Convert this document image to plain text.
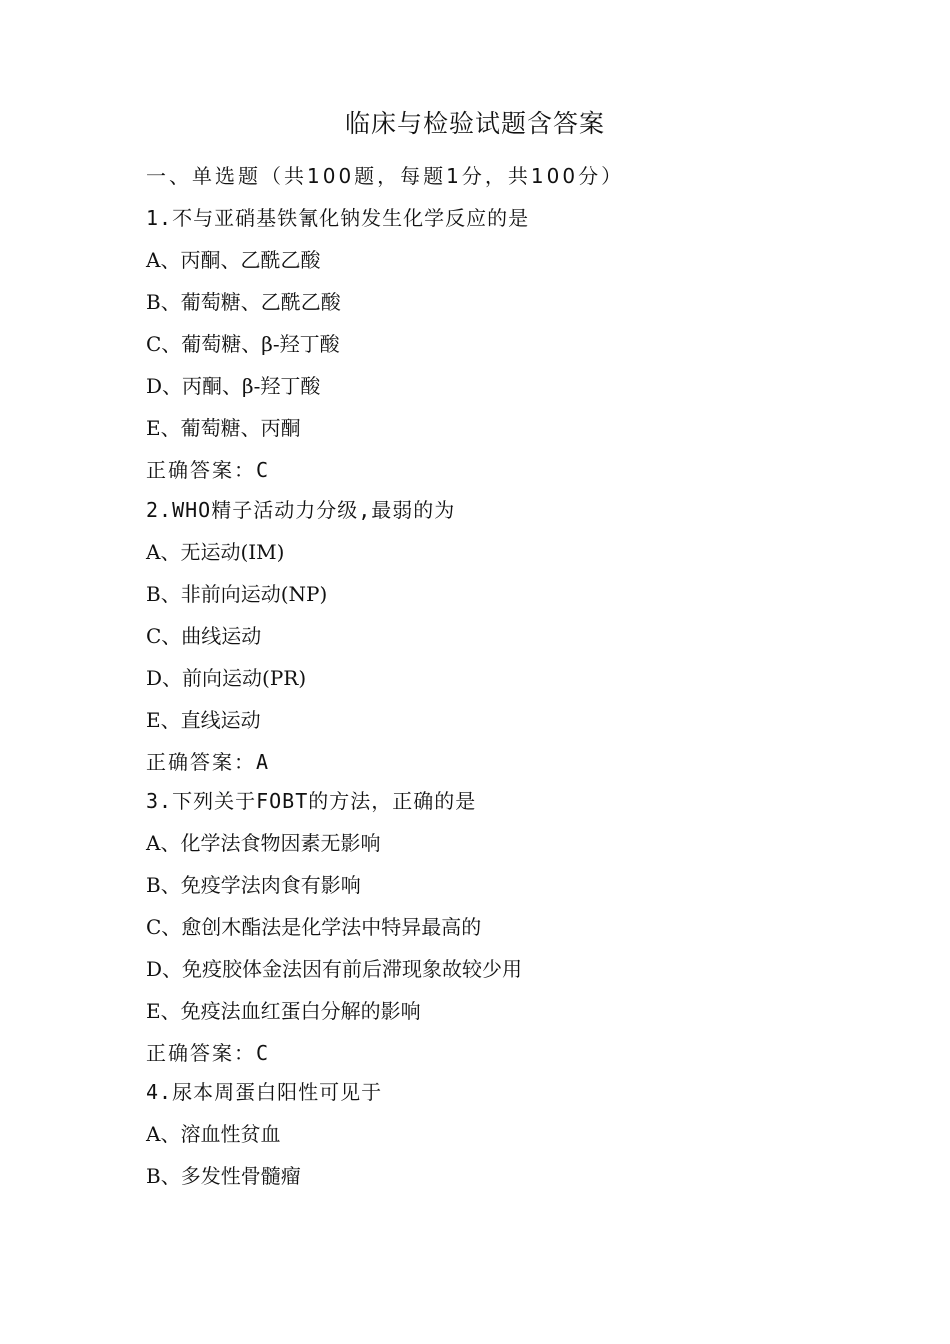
临床与检验试题含答案
一、单选题（共100题，每题1分，共100分）
1.不与亚硝基铁氰化钠发生化学反应的是
A、丙酮、乙酰乙酸
B、葡萄糖、乙酰乙酸
C、葡萄糖、β-羟丁酸
D、丙酮、β-羟丁酸
E、葡萄糖、丙酮
正确答案：C
2.WHO精子活动力分级,最弱的为
A、无运动(IM)
B、非前向运动(NP)
C、曲线运动
D、前向运动(PR)
E、直线运动
正确答案：A
3.下列关于FOBT的方法，正确的是
A、化学法食物因素无影响
B、免疫学法肉食有影响
C、愈创木酯法是化学法中特异最高的
D、免疫胶体金法因有前后滞现象故较少用
E、免疫法血红蛋白分解的影响
正确答案：C
4.尿本周蛋白阳性可见于
A、溶血性贫血
B、多发性骨髓瘤
